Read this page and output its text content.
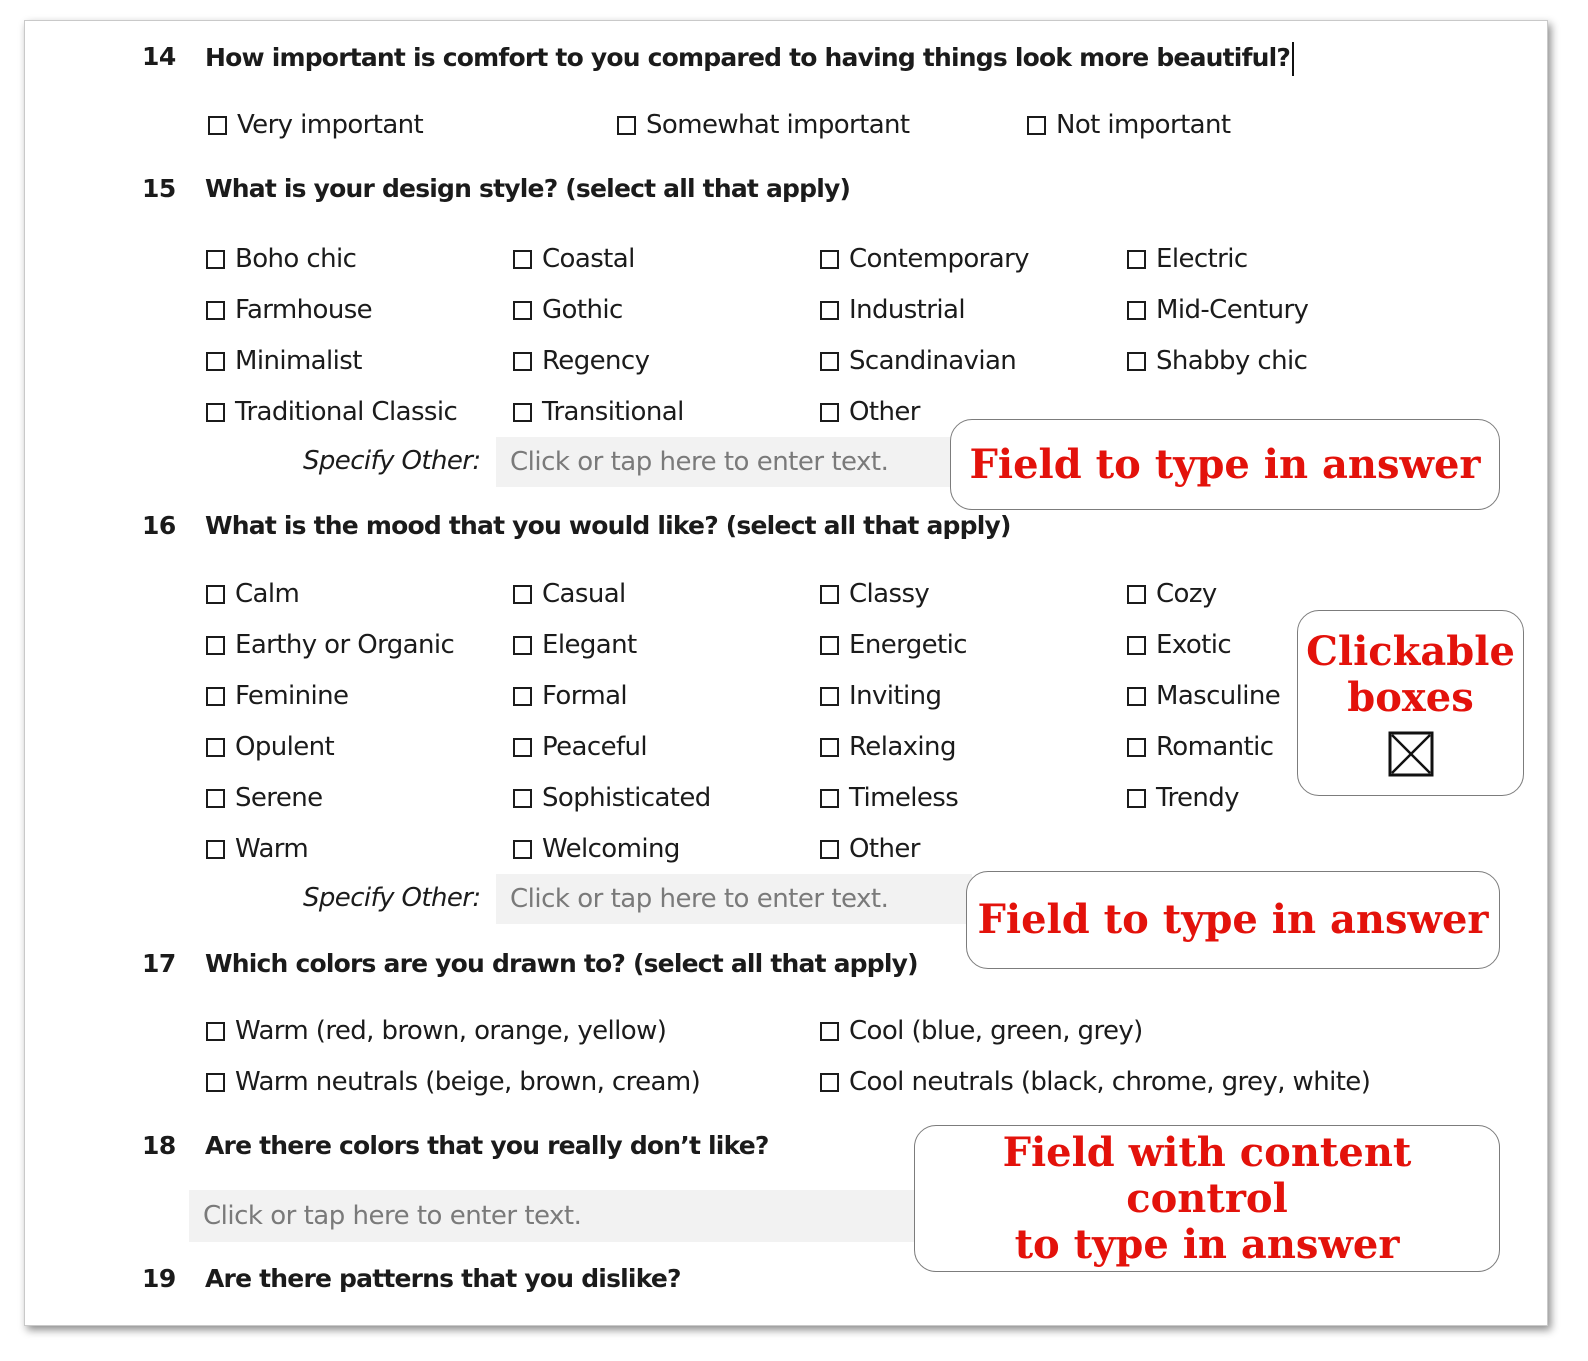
14 How important is comfort to you compared to having things look more beautiful?
Very important	Somewhat important	Not important
15 What is your design style? (select all that apply)
Boho chic	Coastal	Contemporary	Electric
Farmhouse	Gothic	Industrial	Mid-Century
Minimalist	Regency	Scandinavian	Shabby chic
Traditional Classic	Transitional	Other
Specify Other:	Click or tap here to enter text.	Field to type in answer
16 What is the mood that you would like? (select all that apply)
Calm	Casual	Classy	Cozy
Earthy or Organic	Elegant	Energetic	Exotic
Feminine	Formal	Inviting	Masculine
Opulent	Peaceful	Relaxing	Romantic
Serene	Sophisticated	Timeless	Trendy
Warm	Welcoming	Other
Specify Other:	Click or tap here to enter text.
Clickable
boxes
Field to type in answer
17 Which colors are you drawn to? (select all that apply)
Warm (red, brown, orange, yellow)	Cool (blue, green, grey)
Warm neutrals (beige, brown, cream)	Cool neutrals (black, chrome, grey, white)
18 Are there colors that you really don’t like?
Click or tap here to enter text.
Field with content control
to type in answer
19 Are there patterns that you dislike?
